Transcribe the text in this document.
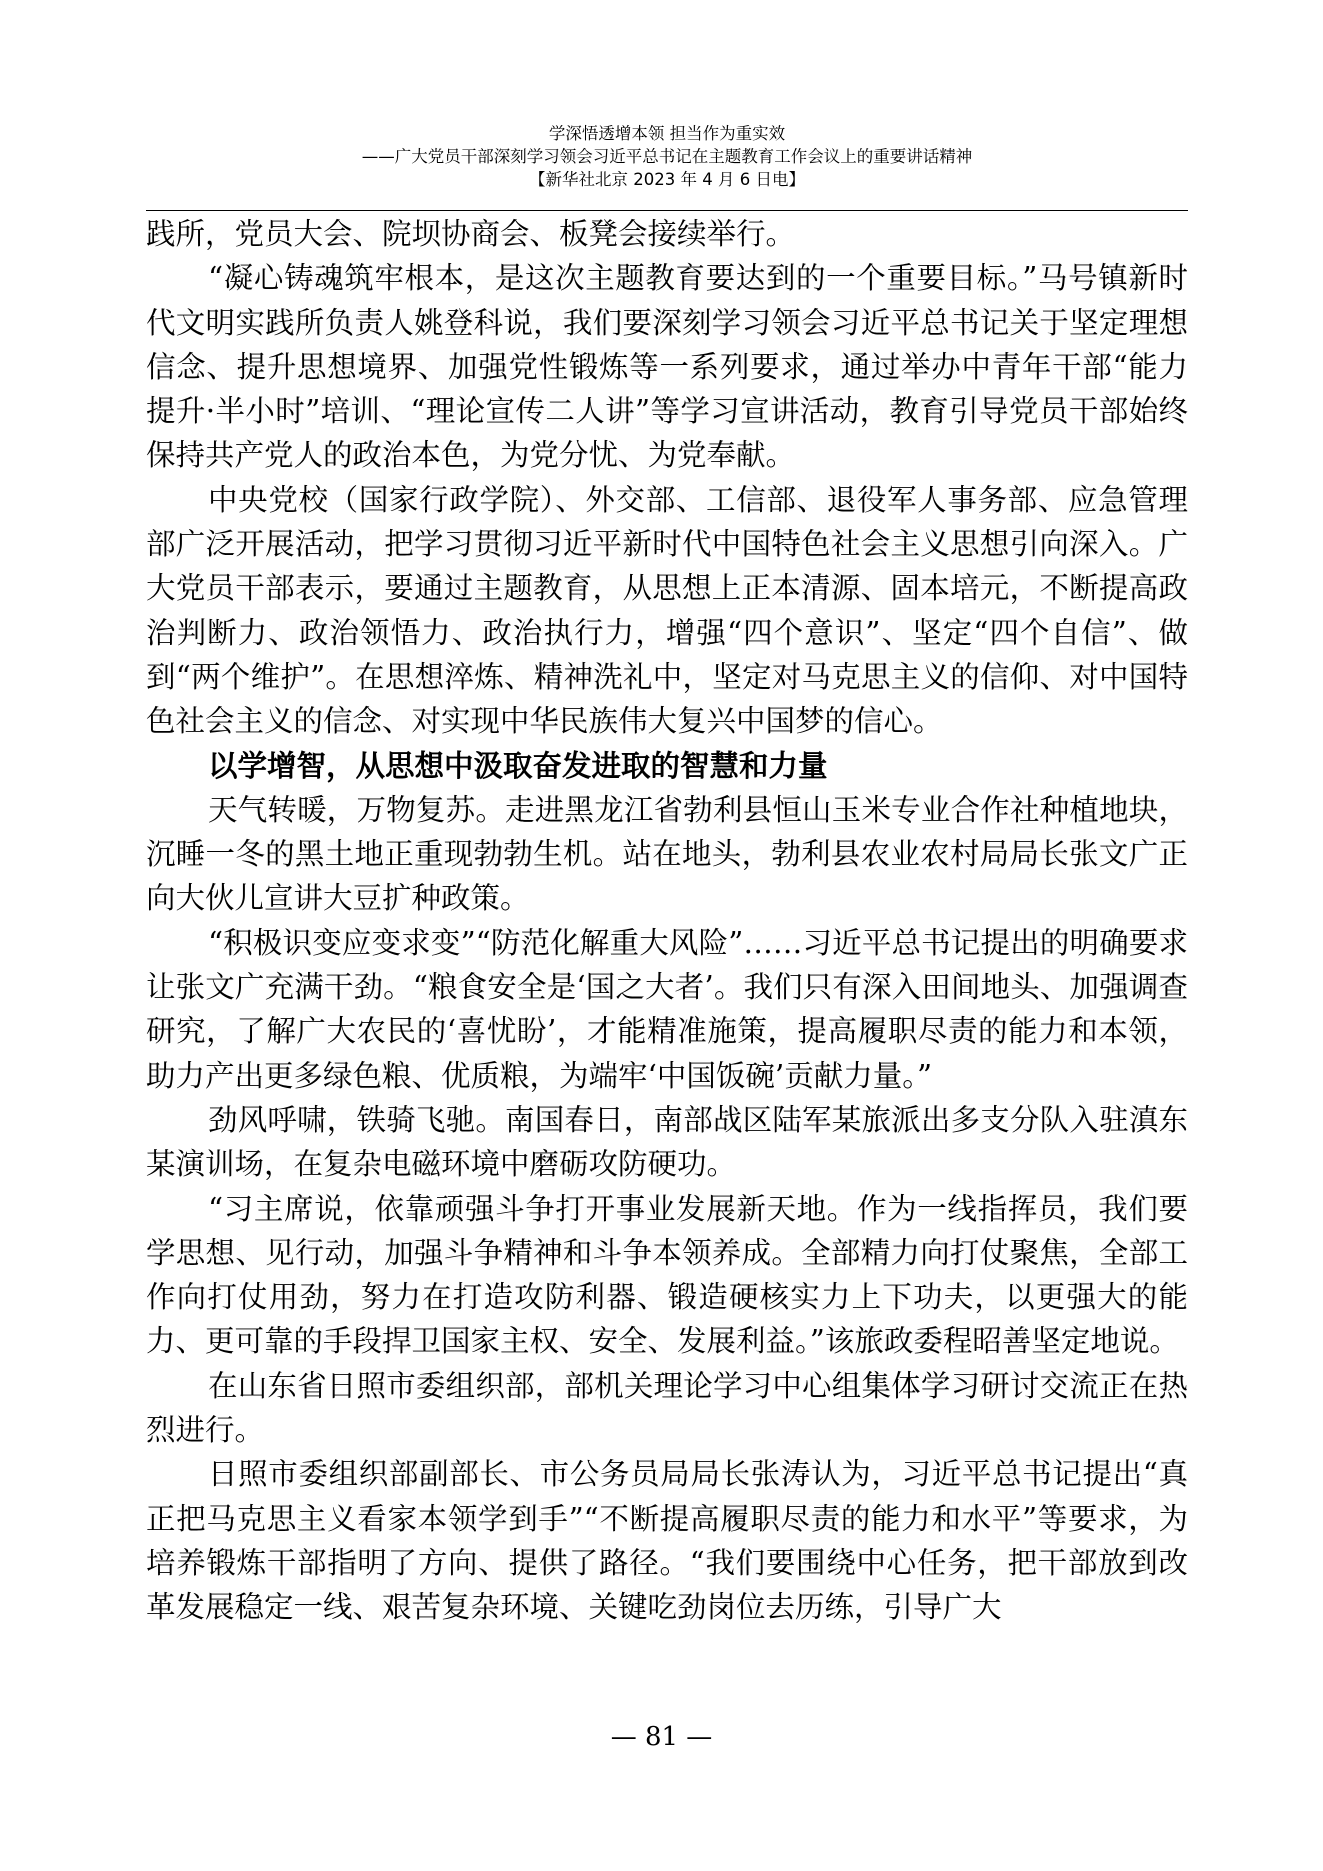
学深悟透增本领 担当作为重实效
——广大党员干部深刻学习领会习近平总书记在主题教育工作会议上的重要讲话精神
【新华社北京 2023 年 4 月 6 日电】

践所，党员大会、院坝协商会、板凳会接续举行。

“凝心铸魂筑牢根本，是这次主题教育要达到的一个重要目标。”马号镇新时代文明实践所负责人姚登科说，我们要深刻学习领会习近平总书记关于坚定理想信念、提升思想境界、加强党性锻炼等一系列要求，通过举办中青年干部“能力提升·半小时”培训、“理论宣传二人讲”等学习宣讲活动，教育引导党员干部始终保持共产党人的政治本色，为党分忧、为党奉献。

中央党校（国家行政学院）、外交部、工信部、退役军人事务部、应急管理部广泛开展活动，把学习贯彻习近平新时代中国特色社会主义思想引向深入。广大党员干部表示，要通过主题教育，从思想上正本清源、固本培元，不断提高政治判断力、政治领悟力、政治执行力，增强“四个意识”、坚定“四个自信”、做到“两个维护”。在思想淬炼、精神洗礼中，坚定对马克思主义的信仰、对中国特色社会主义的信念、对实现中华民族伟大复兴中国梦的信心。

以学增智，从思想中汲取奋发进取的智慧和力量

天气转暖，万物复苏。走进黑龙江省勃利县恒山玉米专业合作社种植地块，沉睡一冬的黑土地正重现勃勃生机。站在地头，勃利县农业农村局局长张文广正向大伙儿宣讲大豆扩种政策。

“积极识变应变求变”“防范化解重大风险”……习近平总书记提出的明确要求让张文广充满干劲。“粮食安全是‘国之大者’。我们只有深入田间地头、加强调查研究，了解广大农民的‘喜忧盼’，才能精准施策，提高履职尽责的能力和本领，助力产出更多绿色粮、优质粮，为端牢‘中国饭碗’贡献力量。”

劲风呼啸，铁骑飞驰。南国春日，南部战区陆军某旅派出多支分队入驻滇东某演训场，在复杂电磁环境中磨砺攻防硬功。

“习主席说，依靠顽强斗争打开事业发展新天地。作为一线指挥员，我们要学思想、见行动，加强斗争精神和斗争本领养成。全部精力向打仗聚焦，全部工作向打仗用劲，努力在打造攻防利器、锻造硬核实力上下功夫，以更强大的能力、更可靠的手段捍卫国家主权、安全、发展利益。”该旅政委程昭善坚定地说。

在山东省日照市委组织部，部机关理论学习中心组集体学习研讨交流正在热烈进行。

日照市委组织部副部长、市公务员局局长张涛认为，习近平总书记提出“真正把马克思主义看家本领学到手”“不断提高履职尽责的能力和水平”等要求，为培养锻炼干部指明了方向、提供了路径。“我们要围绕中心任务，把干部放到改革发展稳定一线、艰苦复杂环境、关键吃劲岗位去历练，引导广大

— 81 —
